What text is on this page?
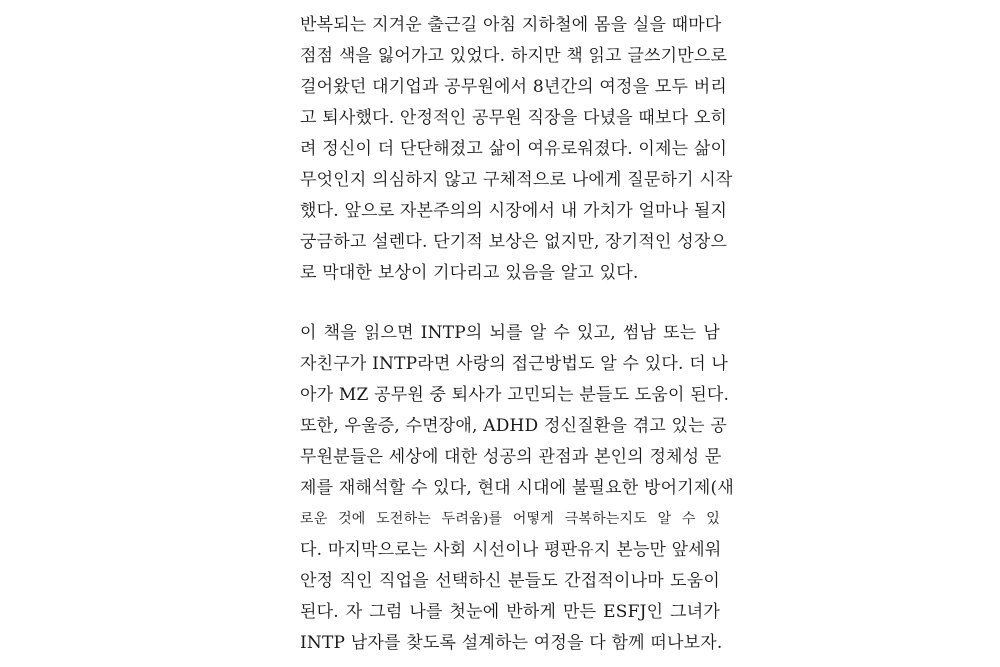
반복되는 지겨운 출근길 아침 지하철에 몸을 실을 때마다
점점 색을 잃어가고 있었다. 하지만 책 읽고 글쓰기만으로
걸어왔던 대기업과 공무원에서 8년간의 여정을 모두 버리
고 퇴사했다. 안정적인 공무원 직장을 다녔을 때보다 오히
려 정신이 더 단단해졌고 삶이 여유로워졌다. 이제는 삶이
무엇인지 의심하지 않고 구체적으로 나에게 질문하기 시작
했다. 앞으로 자본주의의 시장에서 내 가치가 얼마나 될지
궁금하고 설렌다. 단기적 보상은 없지만, 장기적인 성장으
로 막대한 보상이 기다리고 있음을 알고 있다.
이 책을 읽으면 INTP의 뇌를 알 수 있고, 썸남 또는 남
자친구가 INTP라면 사랑의 접근방법도 알 수 있다. 더 나
아가 MZ 공무원 중 퇴사가 고민되는 분들도 도움이 된다.
또한, 우울증, 수면장애, ADHD 정신질환을 겪고 있는 공
무원분들은 세상에 대한 성공의 관점과 본인의 정체성 문
제를 재해석할 수 있다, 현대 시대에 불필요한 방어기제(새
로운 것에 도전하는 두려움)를 어떻게 극복하는지도 알 수 있
다. 마지막으로는 사회 시선이나 평판유지 본능만 앞세워
안정 직인 직업을 선택하신 분들도 간접적이나마 도움이
된다. 자 그럼 나를 첫눈에 반하게 만든 ESFJ인 그녀가
INTP 남자를 찾도록 설계하는 여정을 다 함께 떠나보자.
